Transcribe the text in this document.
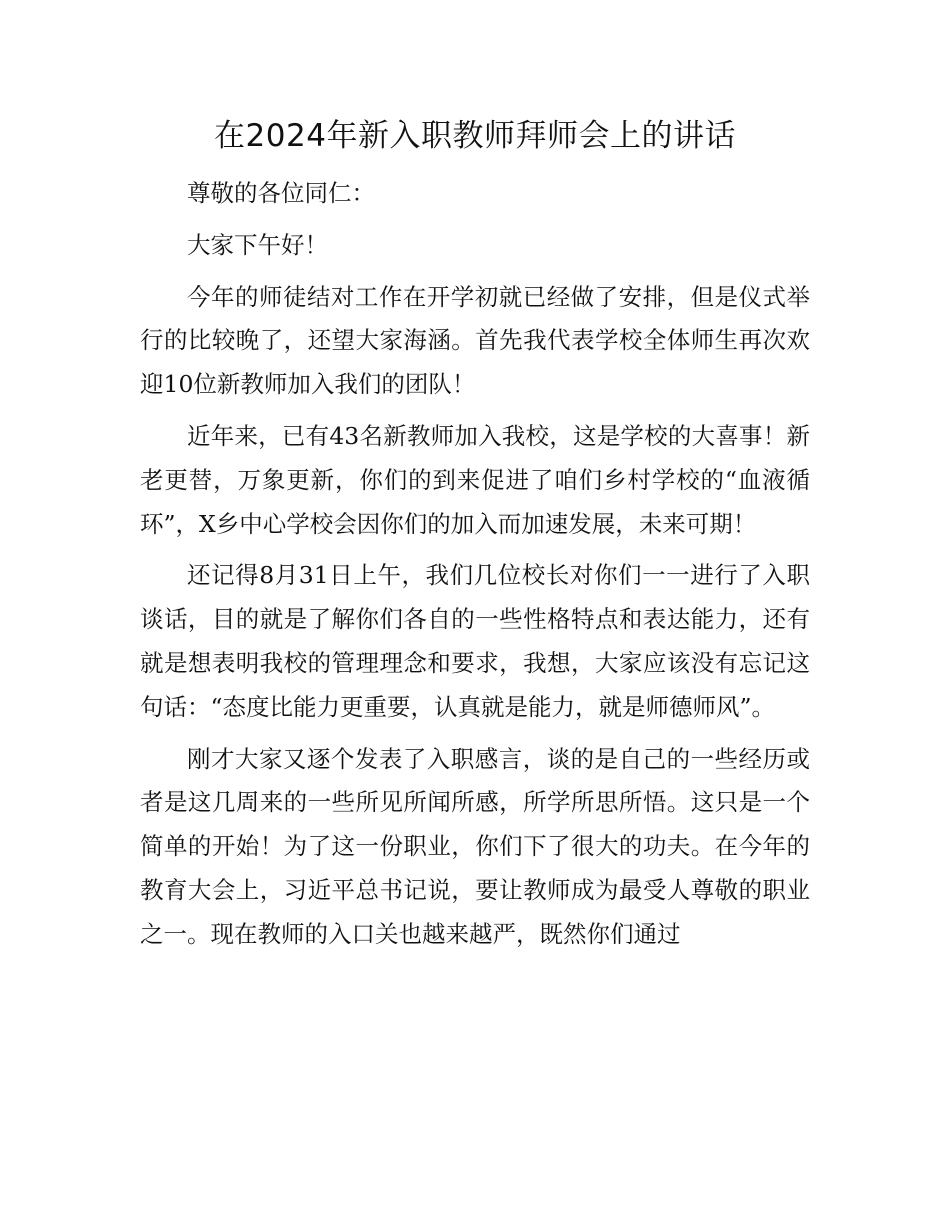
在2024年新入职教师拜师会上的讲话

尊敬的各位同仁：

大家下午好！

今年的师徒结对工作在开学初就已经做了安排，但是仪式举行的比较晚了，还望大家海涵。首先我代表学校全体师生再次欢迎10位新教师加入我们的团队！

近年来，已有43名新教师加入我校，这是学校的大喜事！新老更替，万象更新，你们的到来促进了咱们乡村学校的“血液循环”，X乡中心学校会因你们的加入而加速发展，未来可期！

还记得8月31日上午，我们几位校长对你们一一进行了入职谈话，目的就是了解你们各自的一些性格特点和表达能力，还有就是想表明我校的管理理念和要求，我想，大家应该没有忘记这句话：“态度比能力更重要，认真就是能力，就是师德师风”。

刚才大家又逐个发表了入职感言，谈的是自己的一些经历或者是这几周来的一些所见所闻所感，所学所思所悟。这只是一个简单的开始！为了这一份职业，你们下了很大的功夫。在今年的教育大会上，习近平总书记说，要让教师成为最受人尊敬的职业之一。现在教师的入口关也越来越严，既然你们通过
